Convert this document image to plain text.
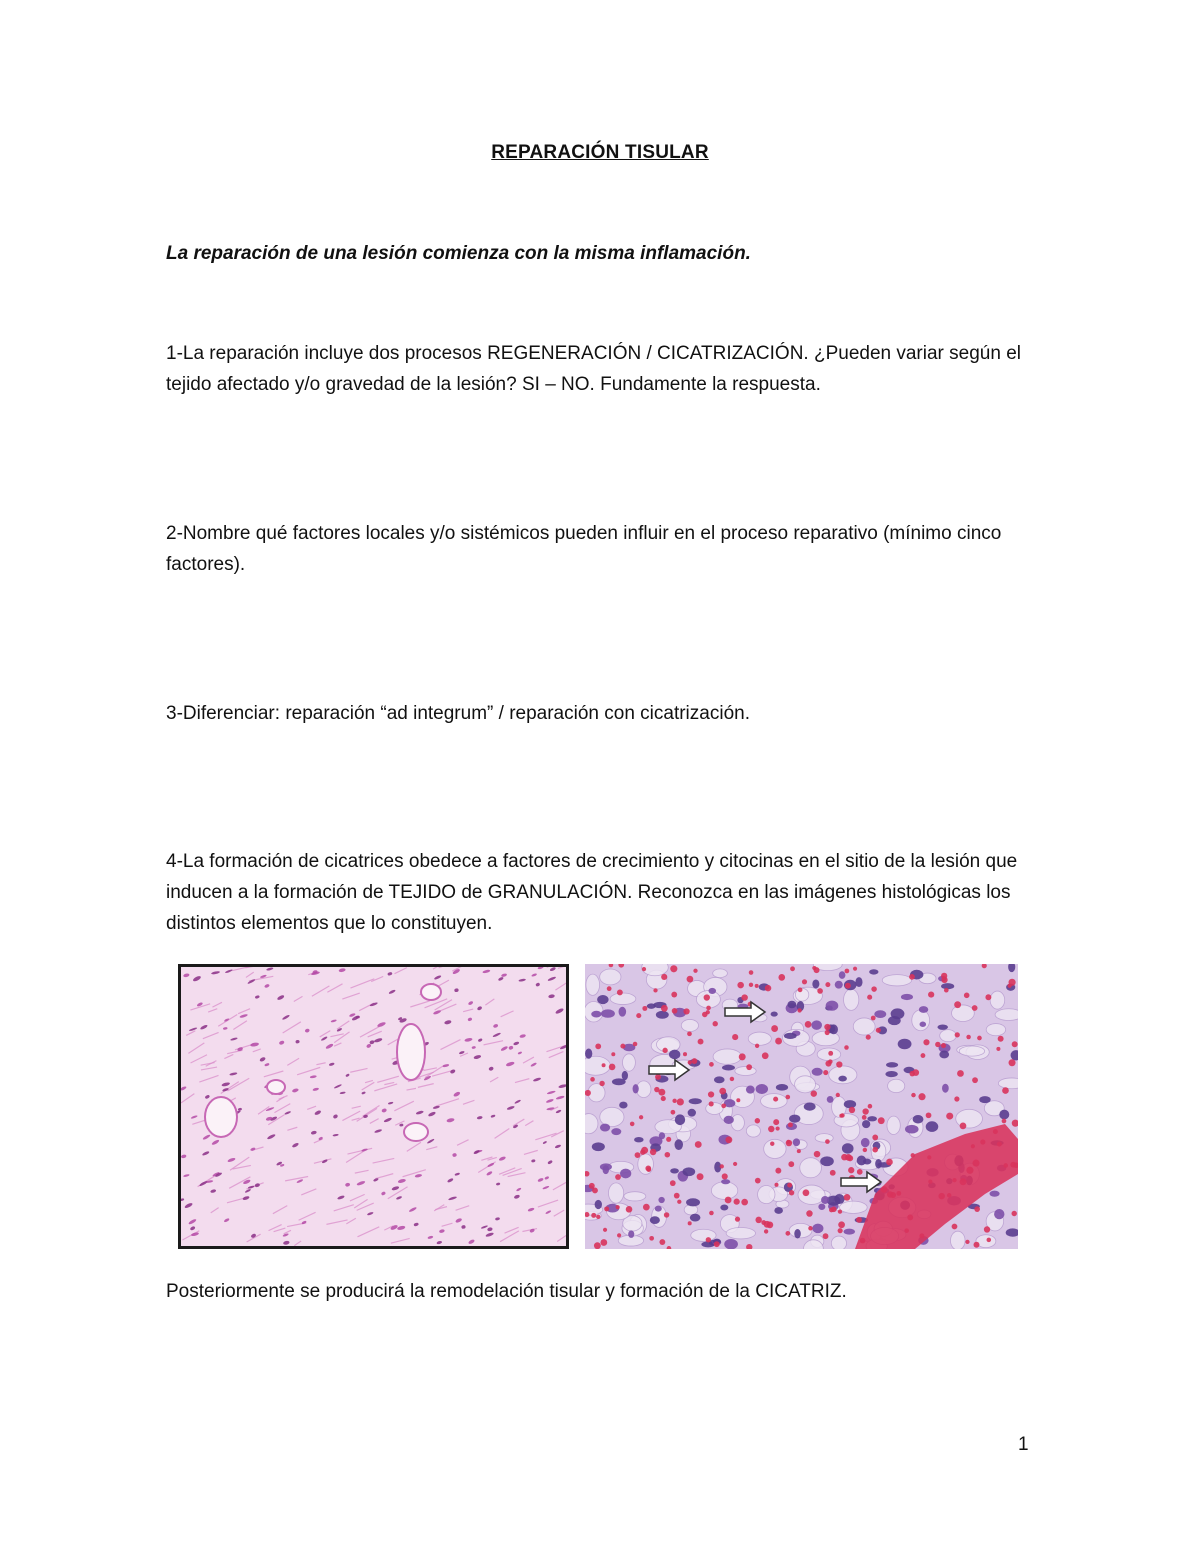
REPARACIÓN TISULAR
La reparación de una lesión comienza con la misma inflamación.
1-La reparación incluye dos procesos REGENERACIÓN / CICATRIZACIÓN. ¿Pueden variar según el tejido afectado y/o gravedad de la lesión? SI – NO. Fundamente la respuesta.
2-Nombre qué factores locales y/o sistémicos pueden influir en el proceso reparativo (mínimo cinco factores).
3-Diferenciar: reparación “ad integrum” / reparación con cicatrización.
4-La formación de cicatrices obedece a factores de crecimiento y citocinas en el sitio de la lesión que inducen a la formación de TEJIDO de GRANULACIÓN. Reconozca en las imágenes histológicas los distintos elementos que lo constituyen.
Posteriormente se producirá la remodelación tisular y formación de la CICATRIZ.
1
